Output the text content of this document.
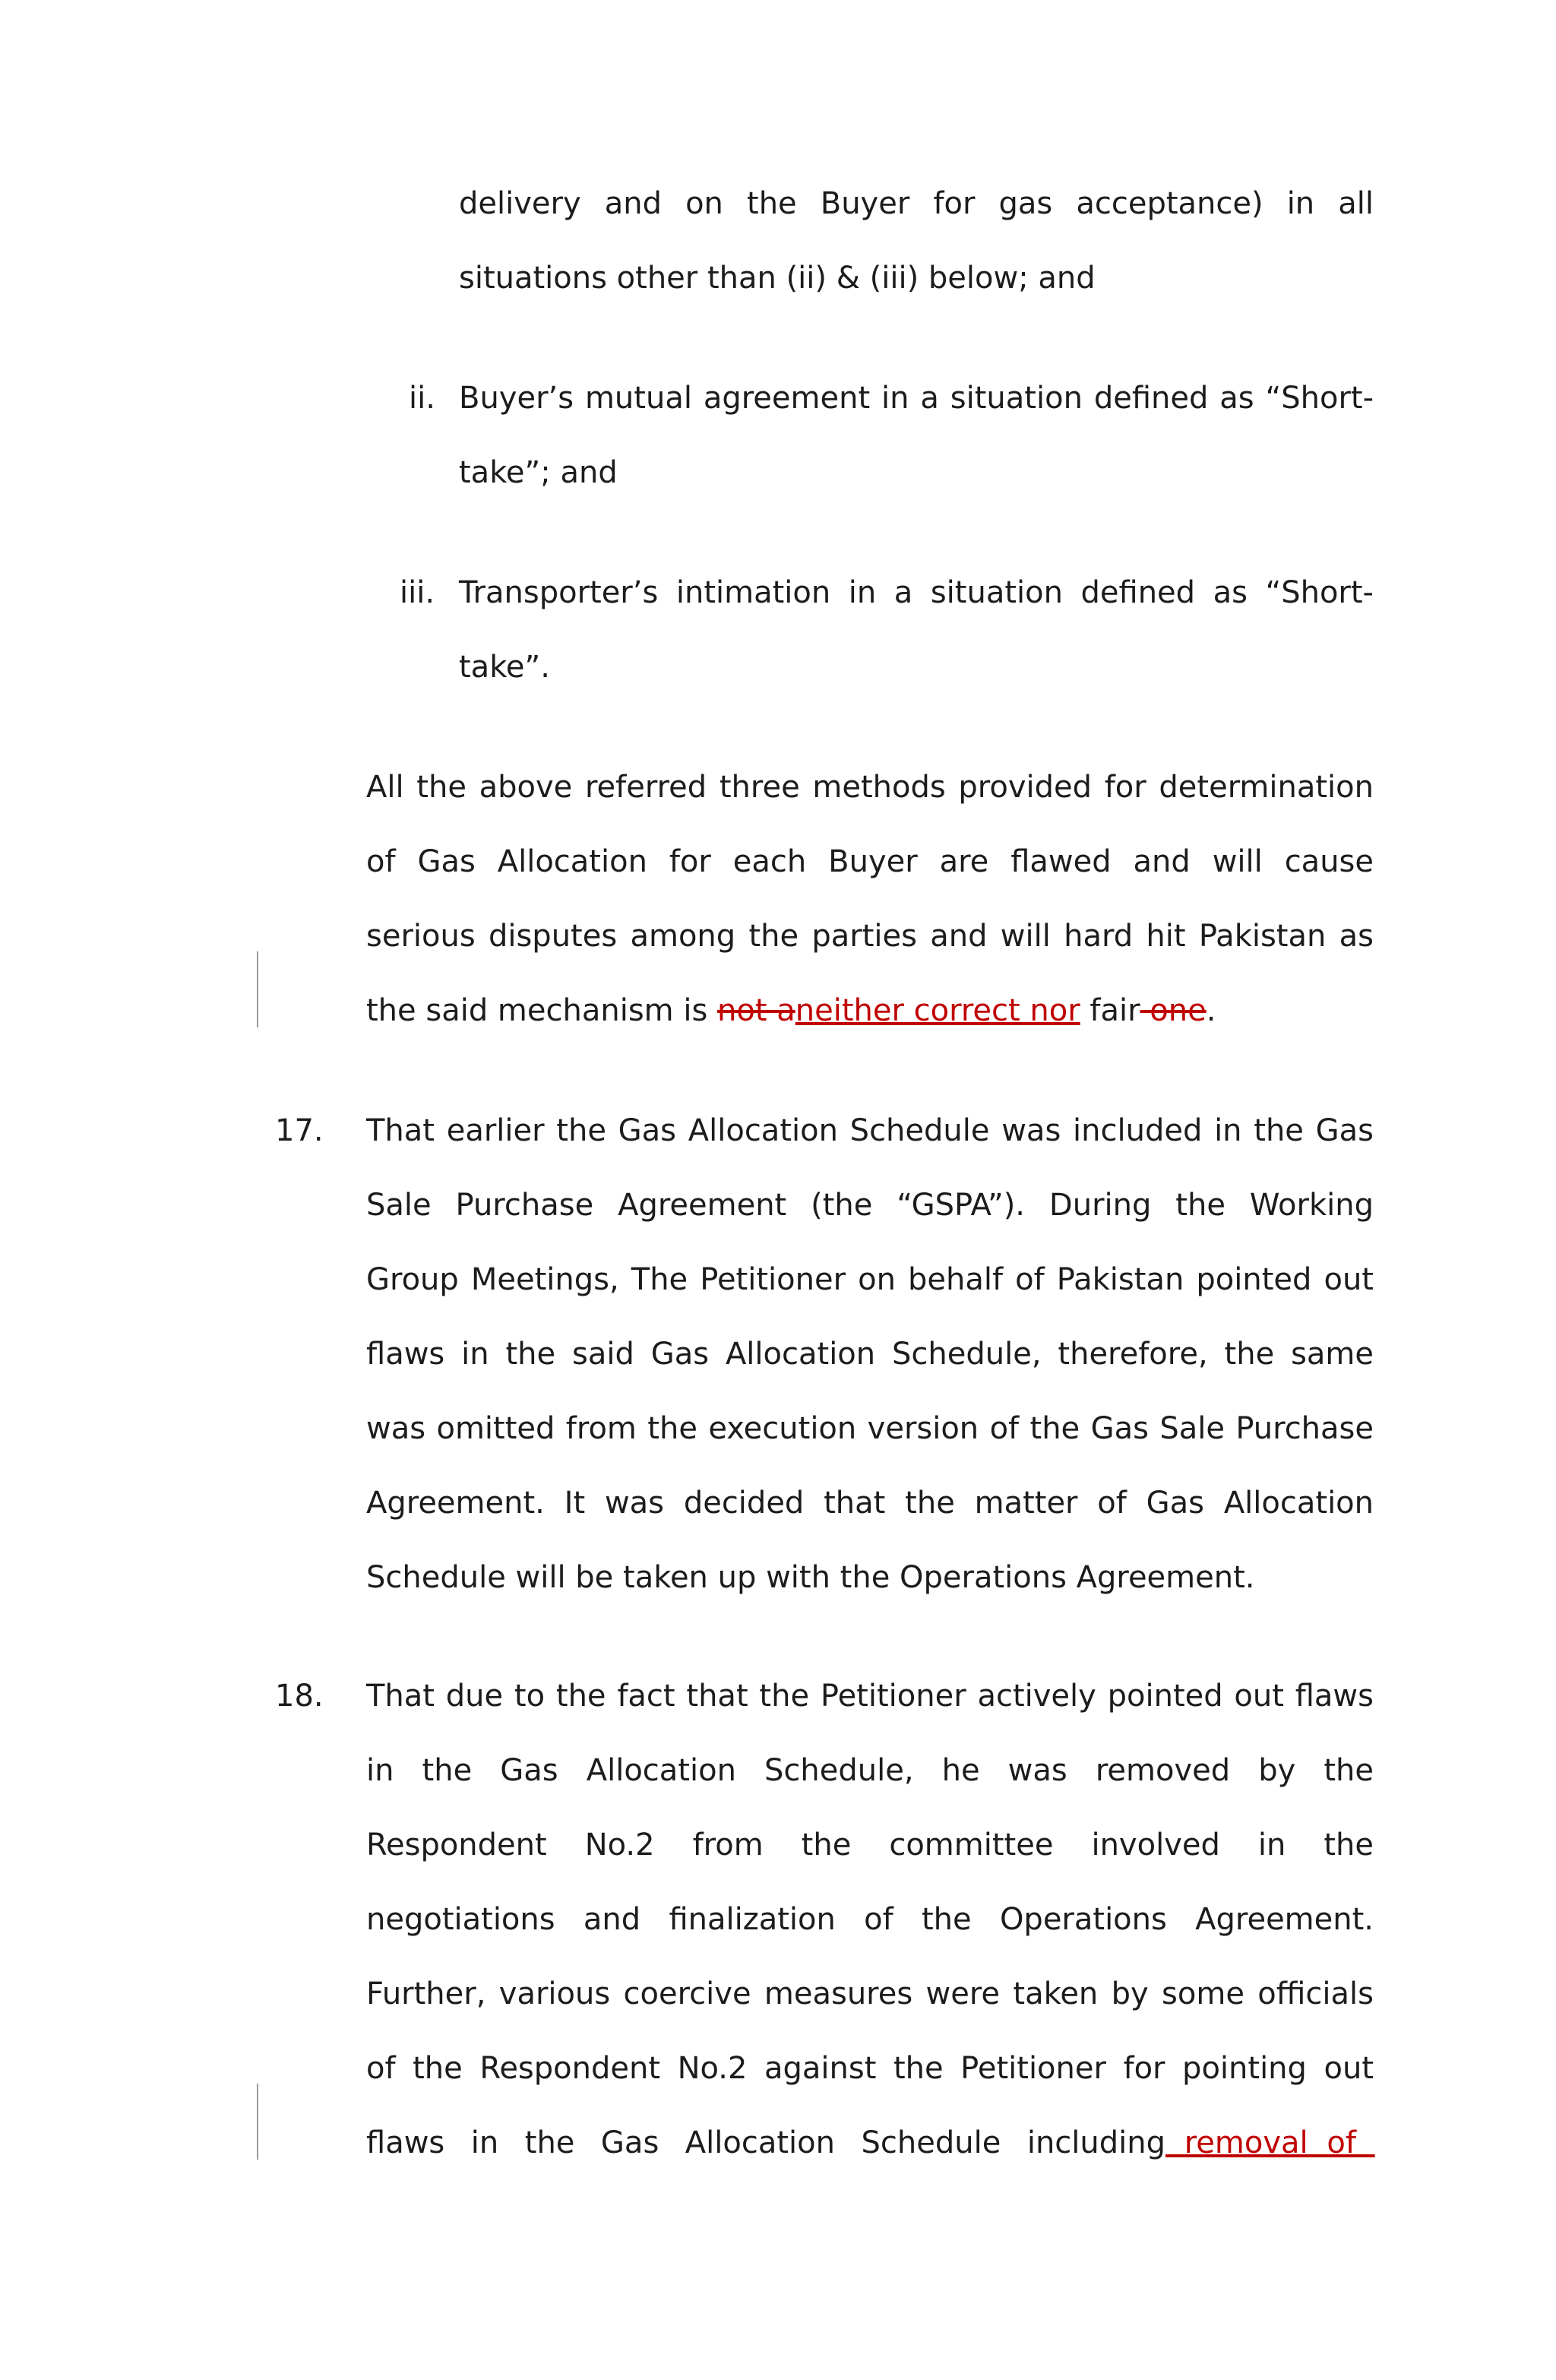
delivery and on the Buyer for gas acceptance) in all
situations other than (ii) & (iii) below; and
ii. Buyer’s mutual agreement in a situation defined as “Short-
take”; and
iii. Transporter’s intimation in a situation defined as “Short-
take”.
All the above referred three methods provided for determination
of Gas Allocation for each Buyer are flawed and will cause
serious disputes among the parties and will hard hit Pakistan as
the said mechanism is not aneither correct nor fair one.
17. That earlier the Gas Allocation Schedule was included in the Gas
Sale Purchase Agreement (the “GSPA”). During the Working
Group Meetings, The Petitioner on behalf of Pakistan pointed out
flaws in the said Gas Allocation Schedule, therefore, the same
was omitted from the execution version of the Gas Sale Purchase
Agreement. It was decided that the matter of Gas Allocation
Schedule will be taken up with the Operations Agreement.
18. That due to the fact that the Petitioner actively pointed out flaws
in the Gas Allocation Schedule, he was removed by the
Respondent No.2 from the committee involved in the
negotiations and finalization of the Operations Agreement.
Further, various coercive measures were taken by some officials
of the Respondent No.2 against the Petitioner for pointing out
flaws in the Gas Allocation Schedule including removal of
